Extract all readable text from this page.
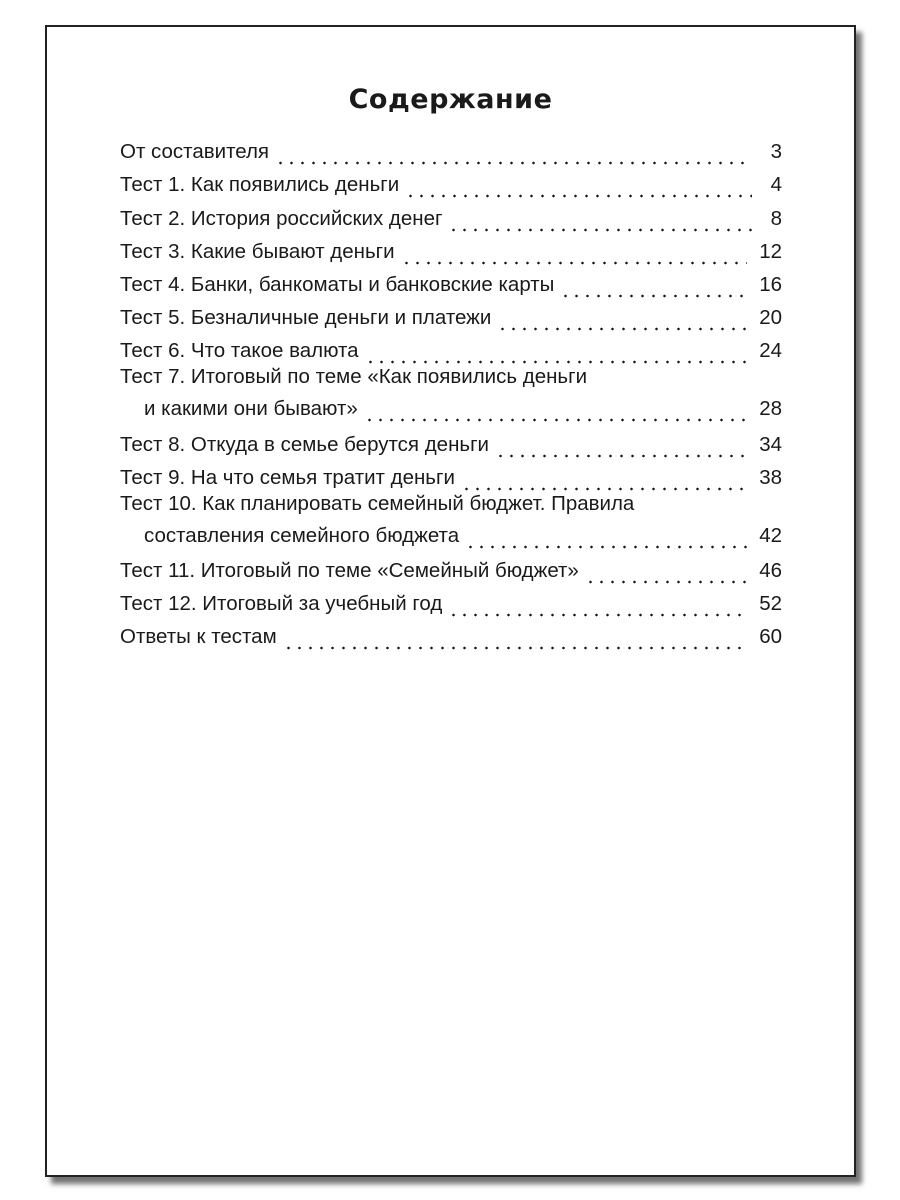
Содержание
От составителя	3
Тест 1. Как появились деньги	4
Тест 2. История российских денег	8
Тест 3. Какие бывают деньги	12
Тест 4. Банки, банкоматы и банковские карты	16
Тест 5. Безналичные деньги и платежи	20
Тест 6. Что такое валюта	24
Тест 7. Итоговый по теме «Как появились деньги
и какими они бывают»	28
Тест 8. Откуда в семье берутся деньги	34
Тест 9. На что семья тратит деньги	38
Тест 10. Как планировать семейный бюджет. Правила
составления семейного бюджета	42
Тест 11. Итоговый по теме «Семейный бюджет»	46
Тест 12. Итоговый за учебный год	52
Ответы к тестам	60
